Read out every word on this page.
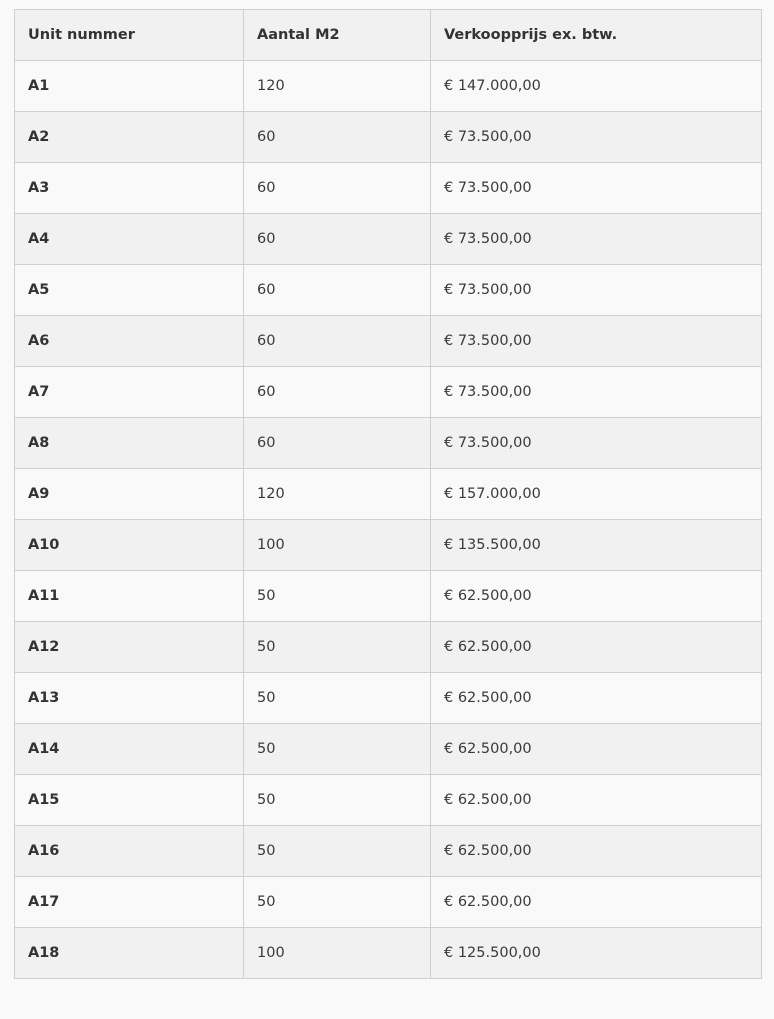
Unit nummer	Aantal M2	Verkoopprijs ex. btw.
A1	120	€ 147.000,00
A2	60	€ 73.500,00
A3	60	€ 73.500,00
A4	60	€ 73.500,00
A5	60	€ 73.500,00
A6	60	€ 73.500,00
A7	60	€ 73.500,00
A8	60	€ 73.500,00
A9	120	€ 157.000,00
A10	100	€ 135.500,00
A11	50	€ 62.500,00
A12	50	€ 62.500,00
A13	50	€ 62.500,00
A14	50	€ 62.500,00
A15	50	€ 62.500,00
A16	50	€ 62.500,00
A17	50	€ 62.500,00
A18	100	€ 125.500,00
